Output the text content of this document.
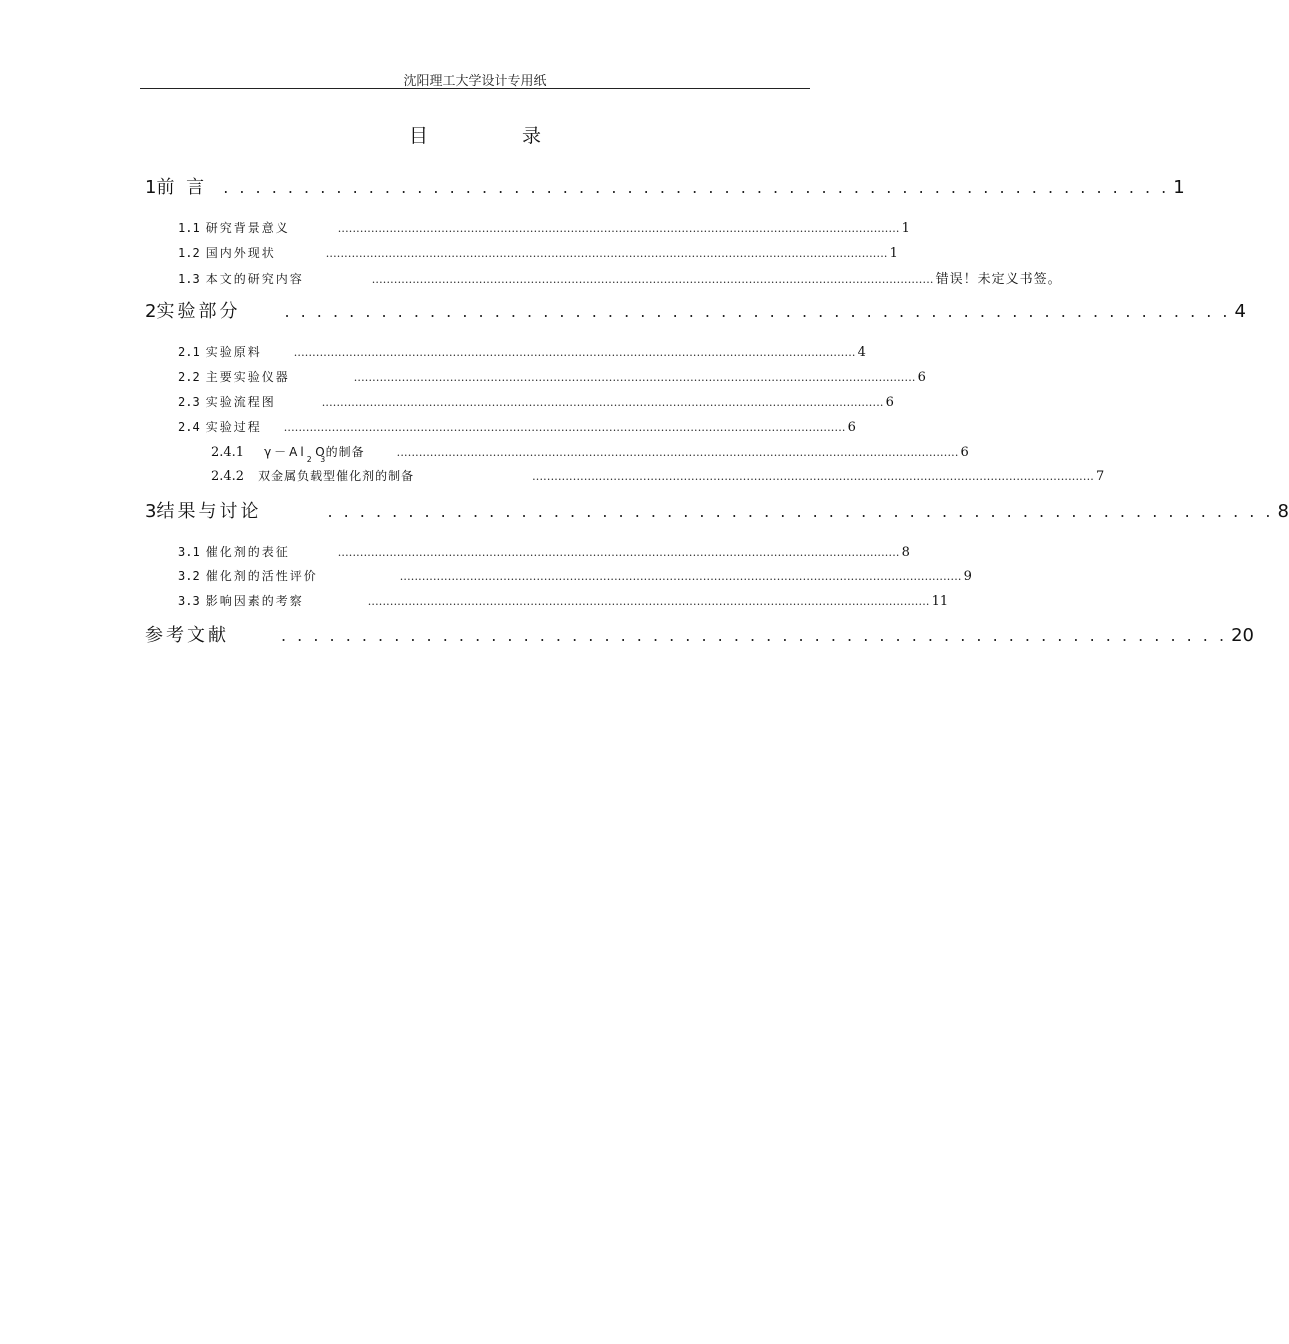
沈阳理工大学设计专用纸
目 录
1 前 言 . . . . . . . . . . . . . . . . . . . . . . . . . . . . . . . . . . . . . . . . . . . . . . . . . . . . . . . . . . . 1
1.1 研究背景意义	........................................................................................................................................................ 1
1.2 国内外现状	........................................................................................................................................................ 1
1.3 本文的研究内容	........................................................................................................................................................ 错误！未定义书签。
2 实验部分	. . . . . . . . . . . . . . . . . . . . . . . . . . . . . . . . . . . . . . . . . . . . . . . . . . . . . . . . . . . 4
2.1 实验原料	........................................................................................................................................................ 4
2.2 主要实验仪器	........................................................................................................................................................ 6
2.3 实验流程图	........................................................................................................................................................ 6
2.4 实验过程 ........................................................................................................................................................ 6
2.4.1 $\gamma-Al_{2 3}O$的制备	........................................................................................................................................................ 6
2.4.2 双金属负载型催化剂的制备	........................................................................................................................................................ 7
3 结果与讨论	. . . . . . . . . . . . . . . . . . . . . . . . . . . . . . . . . . . . . . . . . . . . . . . . . . . . . . . . . . . 8
3.1 催化剂的表征	........................................................................................................................................................ 8
3.2 催化剂的活性评价	........................................................................................................................................................ 9
3.3 影响因素的考察	........................................................................................................................................................ 11
参考文献	. . . . . . . . . . . . . . . . . . . . . . . . . . . . . . . . . . . . . . . . . . . . . . . . . . . . . . . . . . . 20
